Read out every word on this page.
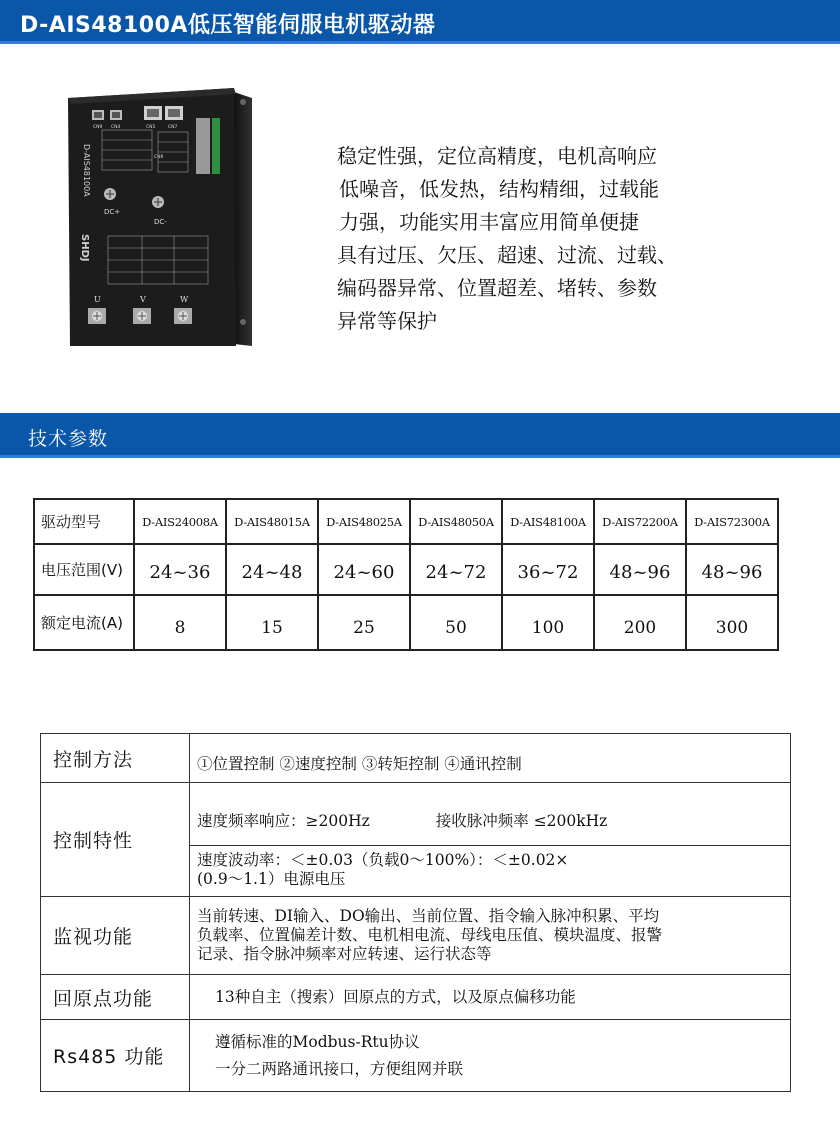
D-AIS48100A低压智能伺服电机驱动器
CN9 CN4	CN5	CN7
CN6
D-AIS48100A
SHDJ
DC+
DC-
U	V	W
稳定性强，定位高精度，电机高响应
低噪音，低发热，结构精细，过载能
力强，功能实用丰富应用简单便捷
具有过压、欠压、超速、过流、过载、
编码器异常、位置超差、堵转、参数
异常等保护
技术参数
驱动型号	D-AIS24008A	D-AIS48015A	D-AIS48025A	D-AIS48050A	D-AIS48100A	D-AIS72200A	D-AIS72300A
电压范围(V)	24~36	24~48	24~60	24~72	36~72	48~96	48~96
额定电流(A)	8	15	25	50	100	200	300
控制方法	①位置控制 ②速度控制 ③转矩控制 ④通讯控制
控制特性	速度频率响应：≥200Hz 接收脉冲频率 ≤200kHz
速度波动率：＜±0.03（负载0～100%）：＜±0.02×
(0.9～1.1）电源电压

监视功能	当前转速、DI输入、DO输出、当前位置、指令输入脉冲积累、平均
负载率、位置偏差计数、电机相电流、母线电压值、模块温度、报警
记录、指令脉冲频率对应转速、运行状态等

回原点功能	13种自主（搜索）回原点的方式，以及原点偏移功能
Rs485 功能	遵循标准的Modbus-Rtu协议
一分二两路通讯接口，方便组网并联
